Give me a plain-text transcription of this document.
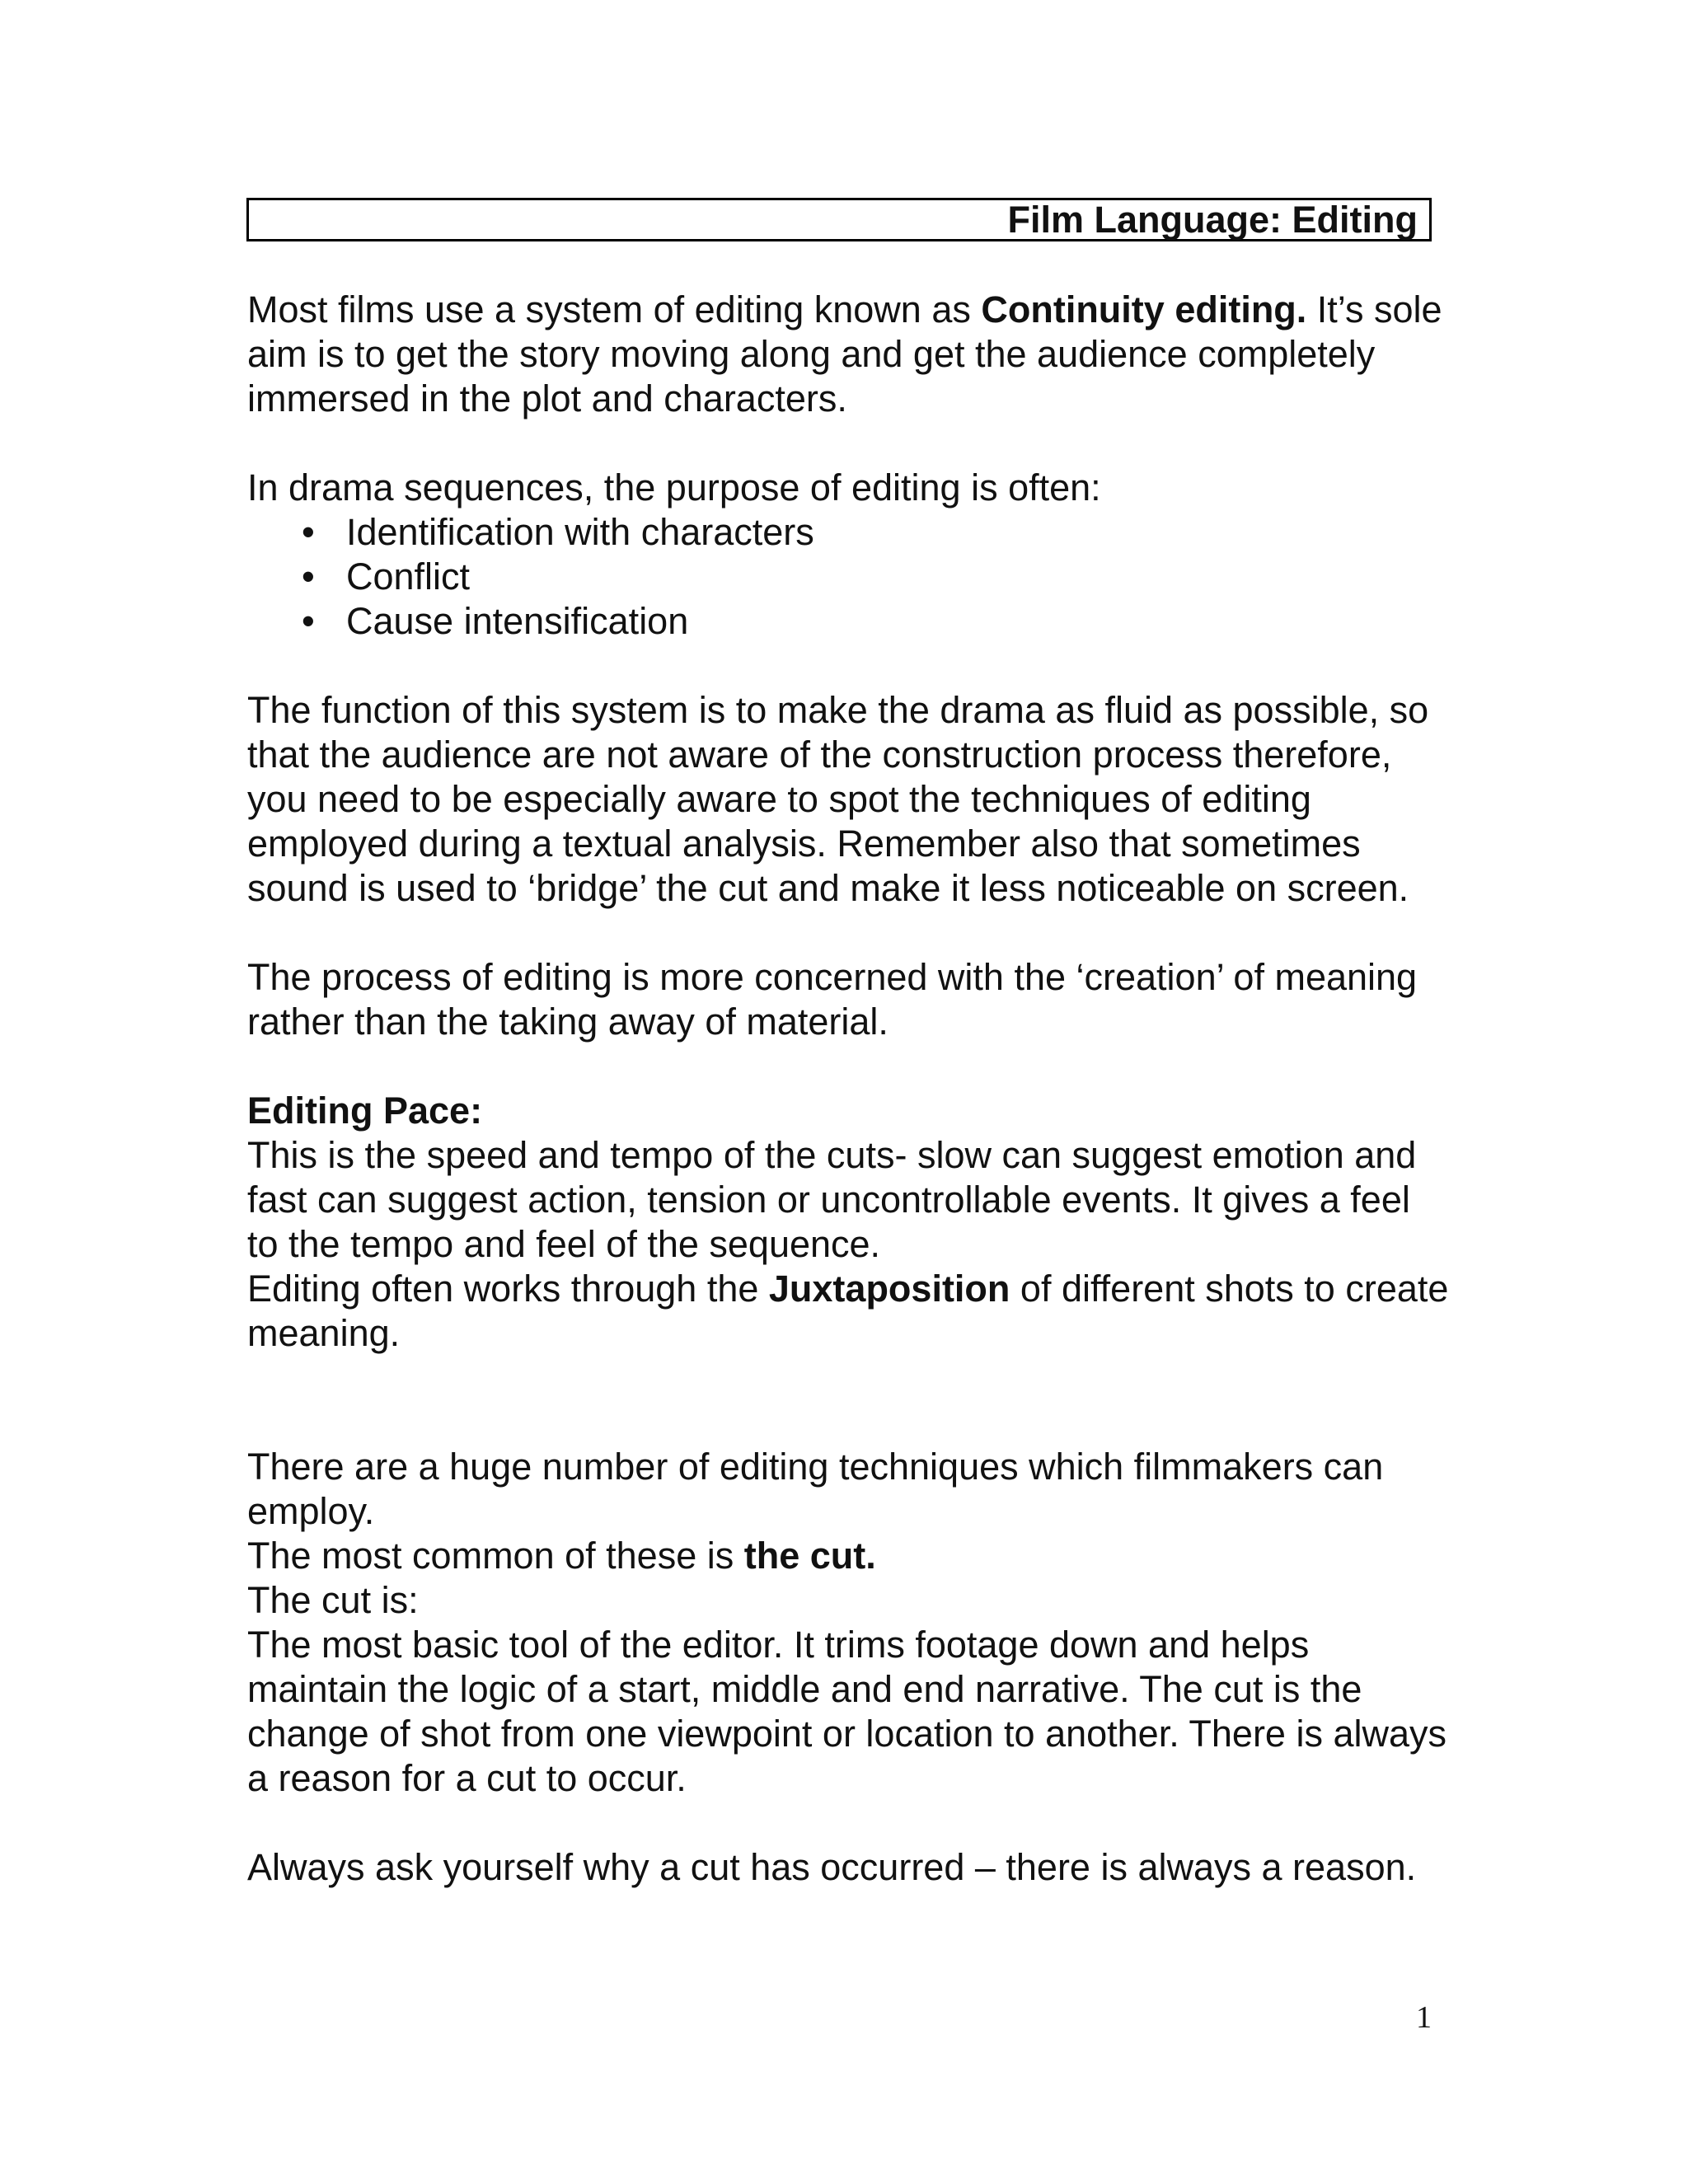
Film Language: Editing

Most films use a system of editing known as Continuity editing. It’s sole aim is to get the story moving along and get the audience completely immersed in the plot and characters.

In drama sequences, the purpose of editing is often:

• Identification with characters
• Conflict
• Cause intensification

The function of this system is to make the drama as fluid as possible, so that the audience are not aware of the construction process therefore, you need to be especially aware to spot the techniques of editing employed during a textual analysis. Remember also that sometimes sound is used to ‘bridge’ the cut and make it less noticeable on screen.

The process of editing is more concerned with the ‘creation’ of meaning rather than the taking away of material.

Editing Pace:

This is the speed and tempo of the cuts- slow can suggest emotion and fast can suggest action, tension or uncontrollable events. It gives a feel to the tempo and feel of the sequence.

Editing often works through the Juxtaposition of different shots to create meaning.

There are a huge number of editing techniques which filmmakers can employ.

The most common of these is the cut.

The cut is:

The most basic tool of the editor. It trims footage down and helps maintain the logic of a start, middle and end narrative. The cut is the change of shot from one viewpoint or location to another. There is always a reason for a cut to occur.

Always ask yourself why a cut has occurred – there is always a reason.

1
